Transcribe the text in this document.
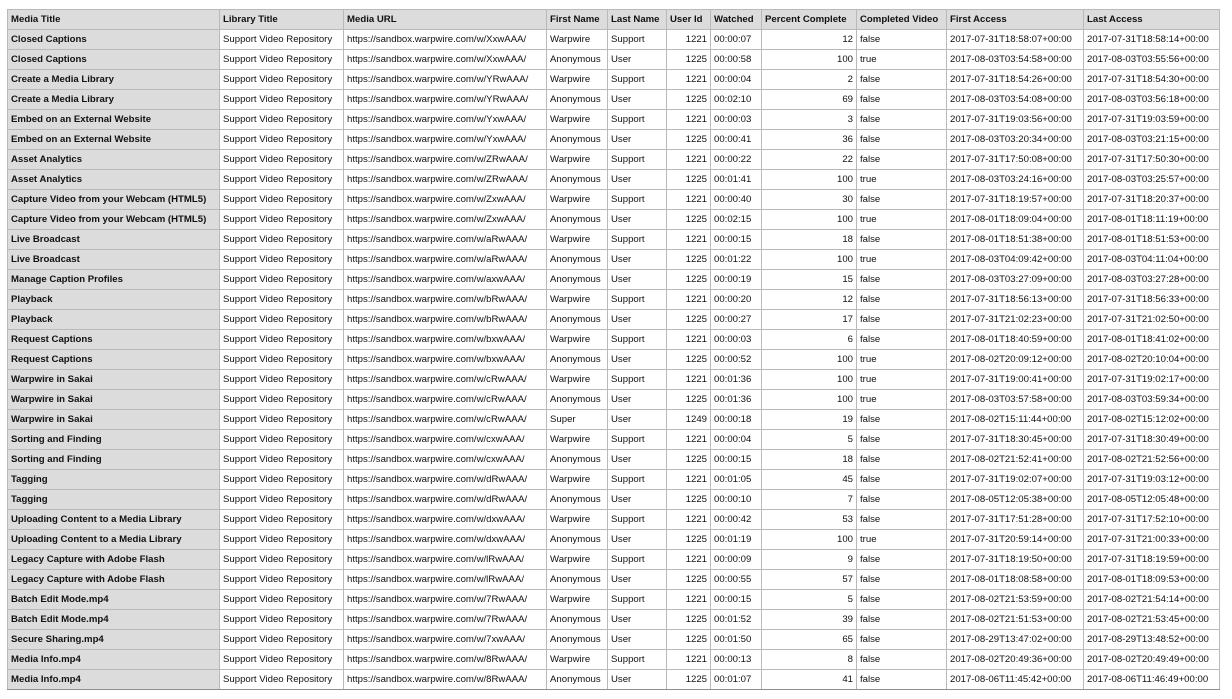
Media Title	Library Title	Media URL	First Name	Last Name	User Id	Watched	Percent Complete	Completed Video	First Access	Last Access
Closed Captions	Support Video Repository	https://sandbox.warpwire.com/w/XxwAAA/	Warpwire	Support	1221	00:00:07	12	false	2017-07-31T18:58:07+00:00	2017-07-31T18:58:14+00:00
Closed Captions	Support Video Repository	https://sandbox.warpwire.com/w/XxwAAA/	Anonymous	User	1225	00:00:58	100	true	2017-08-03T03:54:58+00:00	2017-08-03T03:55:56+00:00
Create a Media Library	Support Video Repository	https://sandbox.warpwire.com/w/YRwAAA/	Warpwire	Support	1221	00:00:04	2	false	2017-07-31T18:54:26+00:00	2017-07-31T18:54:30+00:00
Create a Media Library	Support Video Repository	https://sandbox.warpwire.com/w/YRwAAA/	Anonymous	User	1225	00:02:10	69	false	2017-08-03T03:54:08+00:00	2017-08-03T03:56:18+00:00
Embed on an External Website	Support Video Repository	https://sandbox.warpwire.com/w/YxwAAA/	Warpwire	Support	1221	00:00:03	3	false	2017-07-31T19:03:56+00:00	2017-07-31T19:03:59+00:00
Embed on an External Website	Support Video Repository	https://sandbox.warpwire.com/w/YxwAAA/	Anonymous	User	1225	00:00:41	36	false	2017-08-03T03:20:34+00:00	2017-08-03T03:21:15+00:00
Asset Analytics	Support Video Repository	https://sandbox.warpwire.com/w/ZRwAAA/	Warpwire	Support	1221	00:00:22	22	false	2017-07-31T17:50:08+00:00	2017-07-31T17:50:30+00:00
Asset Analytics	Support Video Repository	https://sandbox.warpwire.com/w/ZRwAAA/	Anonymous	User	1225	00:01:41	100	true	2017-08-03T03:24:16+00:00	2017-08-03T03:25:57+00:00
Capture Video from your Webcam (HTML5)	Support Video Repository	https://sandbox.warpwire.com/w/ZxwAAA/	Warpwire	Support	1221	00:00:40	30	false	2017-07-31T18:19:57+00:00	2017-07-31T18:20:37+00:00
Capture Video from your Webcam (HTML5)	Support Video Repository	https://sandbox.warpwire.com/w/ZxwAAA/	Anonymous	User	1225	00:02:15	100	true	2017-08-01T18:09:04+00:00	2017-08-01T18:11:19+00:00
Live Broadcast	Support Video Repository	https://sandbox.warpwire.com/w/aRwAAA/	Warpwire	Support	1221	00:00:15	18	false	2017-08-01T18:51:38+00:00	2017-08-01T18:51:53+00:00
Live Broadcast	Support Video Repository	https://sandbox.warpwire.com/w/aRwAAA/	Anonymous	User	1225	00:01:22	100	true	2017-08-03T04:09:42+00:00	2017-08-03T04:11:04+00:00
Manage Caption Profiles	Support Video Repository	https://sandbox.warpwire.com/w/axwAAA/	Anonymous	User	1225	00:00:19	15	false	2017-08-03T03:27:09+00:00	2017-08-03T03:27:28+00:00
Playback	Support Video Repository	https://sandbox.warpwire.com/w/bRwAAA/	Warpwire	Support	1221	00:00:20	12	false	2017-07-31T18:56:13+00:00	2017-07-31T18:56:33+00:00
Playback	Support Video Repository	https://sandbox.warpwire.com/w/bRwAAA/	Anonymous	User	1225	00:00:27	17	false	2017-07-31T21:02:23+00:00	2017-07-31T21:02:50+00:00
Request Captions	Support Video Repository	https://sandbox.warpwire.com/w/bxwAAA/	Warpwire	Support	1221	00:00:03	6	false	2017-08-01T18:40:59+00:00	2017-08-01T18:41:02+00:00
Request Captions	Support Video Repository	https://sandbox.warpwire.com/w/bxwAAA/	Anonymous	User	1225	00:00:52	100	true	2017-08-02T20:09:12+00:00	2017-08-02T20:10:04+00:00
Warpwire in Sakai	Support Video Repository	https://sandbox.warpwire.com/w/cRwAAA/	Warpwire	Support	1221	00:01:36	100	true	2017-07-31T19:00:41+00:00	2017-07-31T19:02:17+00:00
Warpwire in Sakai	Support Video Repository	https://sandbox.warpwire.com/w/cRwAAA/	Anonymous	User	1225	00:01:36	100	true	2017-08-03T03:57:58+00:00	2017-08-03T03:59:34+00:00
Warpwire in Sakai	Support Video Repository	https://sandbox.warpwire.com/w/cRwAAA/	Super	User	1249	00:00:18	19	false	2017-08-02T15:11:44+00:00	2017-08-02T15:12:02+00:00
Sorting and Finding	Support Video Repository	https://sandbox.warpwire.com/w/cxwAAA/	Warpwire	Support	1221	00:00:04	5	false	2017-07-31T18:30:45+00:00	2017-07-31T18:30:49+00:00
Sorting and Finding	Support Video Repository	https://sandbox.warpwire.com/w/cxwAAA/	Anonymous	User	1225	00:00:15	18	false	2017-08-02T21:52:41+00:00	2017-08-02T21:52:56+00:00
Tagging	Support Video Repository	https://sandbox.warpwire.com/w/dRwAAA/	Warpwire	Support	1221	00:01:05	45	false	2017-07-31T19:02:07+00:00	2017-07-31T19:03:12+00:00
Tagging	Support Video Repository	https://sandbox.warpwire.com/w/dRwAAA/	Anonymous	User	1225	00:00:10	7	false	2017-08-05T12:05:38+00:00	2017-08-05T12:05:48+00:00
Uploading Content to a Media Library	Support Video Repository	https://sandbox.warpwire.com/w/dxwAAA/	Warpwire	Support	1221	00:00:42	53	false	2017-07-31T17:51:28+00:00	2017-07-31T17:52:10+00:00
Uploading Content to a Media Library	Support Video Repository	https://sandbox.warpwire.com/w/dxwAAA/	Anonymous	User	1225	00:01:19	100	true	2017-07-31T20:59:14+00:00	2017-07-31T21:00:33+00:00
Legacy Capture with Adobe Flash	Support Video Repository	https://sandbox.warpwire.com/w/lRwAAA/	Warpwire	Support	1221	00:00:09	9	false	2017-07-31T18:19:50+00:00	2017-07-31T18:19:59+00:00
Legacy Capture with Adobe Flash	Support Video Repository	https://sandbox.warpwire.com/w/lRwAAA/	Anonymous	User	1225	00:00:55	57	false	2017-08-01T18:08:58+00:00	2017-08-01T18:09:53+00:00
Batch Edit Mode.mp4	Support Video Repository	https://sandbox.warpwire.com/w/7RwAAA/	Warpwire	Support	1221	00:00:15	5	false	2017-08-02T21:53:59+00:00	2017-08-02T21:54:14+00:00
Batch Edit Mode.mp4	Support Video Repository	https://sandbox.warpwire.com/w/7RwAAA/	Anonymous	User	1225	00:01:52	39	false	2017-08-02T21:51:53+00:00	2017-08-02T21:53:45+00:00
Secure Sharing.mp4	Support Video Repository	https://sandbox.warpwire.com/w/7xwAAA/	Anonymous	User	1225	00:01:50	65	false	2017-08-29T13:47:02+00:00	2017-08-29T13:48:52+00:00
Media Info.mp4	Support Video Repository	https://sandbox.warpwire.com/w/8RwAAA/	Warpwire	Support	1221	00:00:13	8	false	2017-08-02T20:49:36+00:00	2017-08-02T20:49:49+00:00
Media Info.mp4	Support Video Repository	https://sandbox.warpwire.com/w/8RwAAA/	Anonymous	User	1225	00:01:07	41	false	2017-08-06T11:45:42+00:00	2017-08-06T11:46:49+00:00
